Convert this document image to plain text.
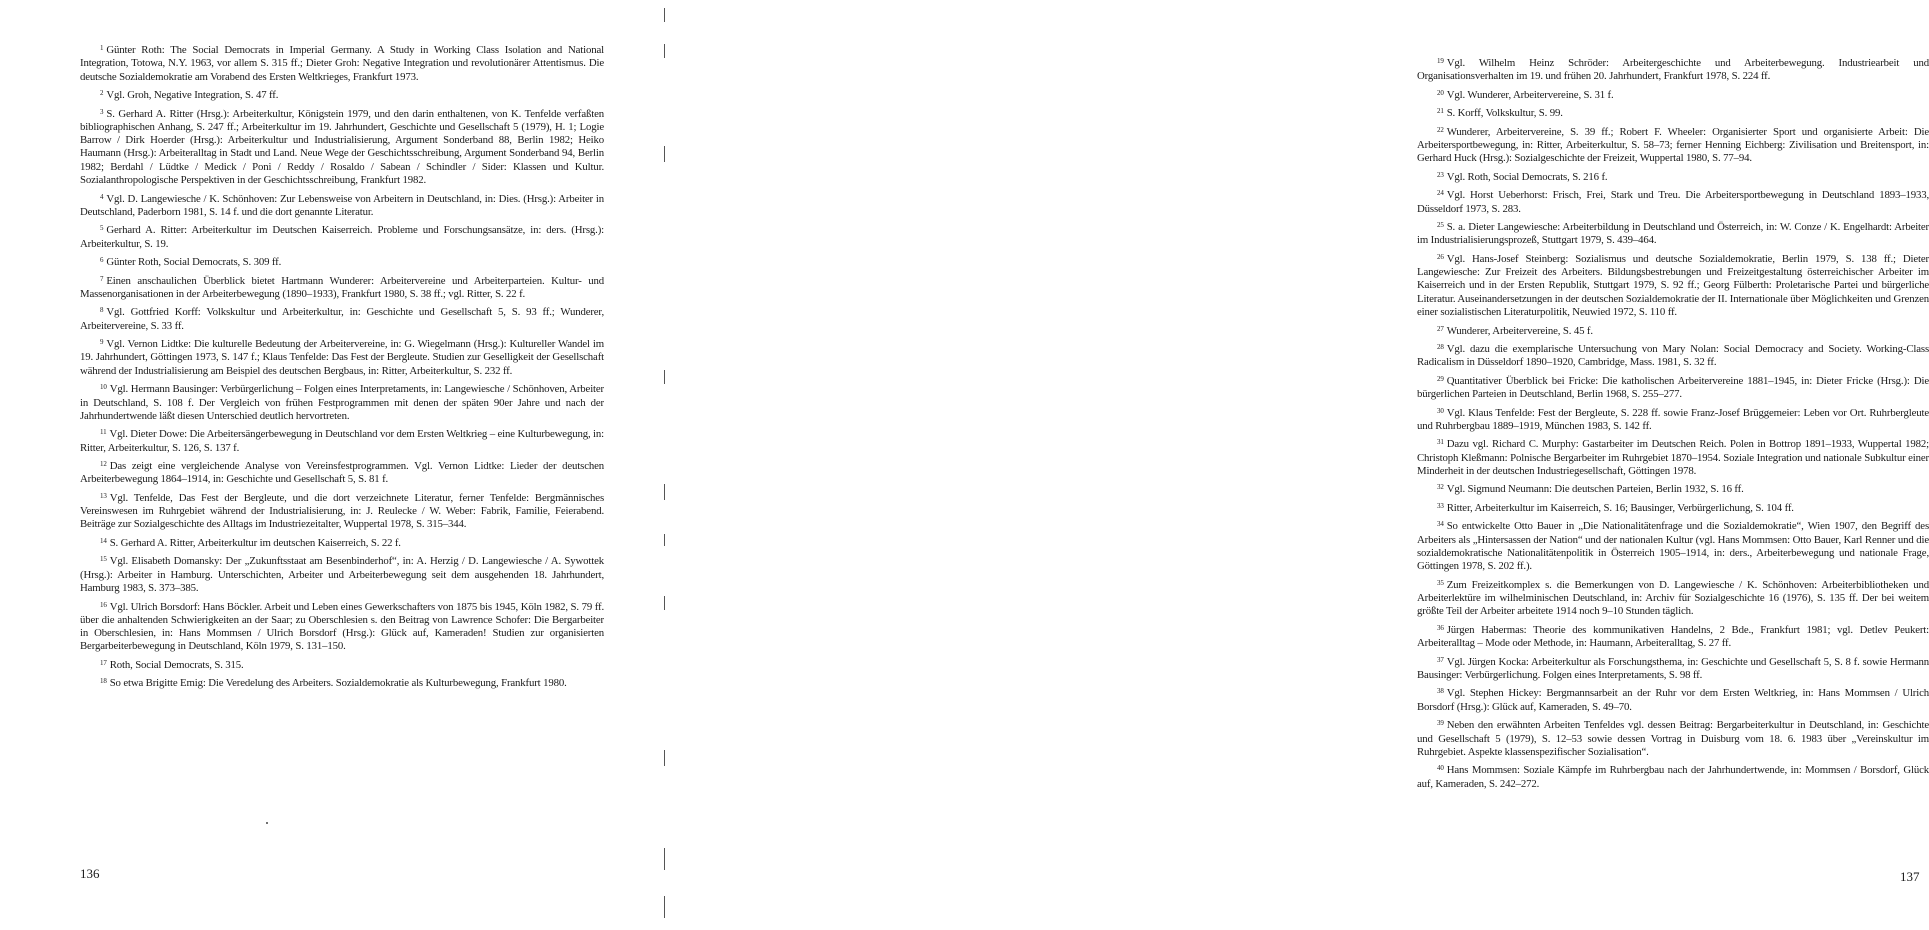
$^1$ Günter Roth: The Social Democrats in Imperial Germany. A Study in Working Class Isolation and National Integration, Totowa, N.Y. 1963, vor allem S. 315 ff.; Dieter Groh: Negative Integration und revolutionärer Attentismus. Die deutsche Sozialdemokratie am Vorabend des Ersten Weltkrieges, Frankfurt 1973.

$^2$ Vgl. Groh, Negative Integration, S. 47 ff.

$^3$ S. Gerhard A. Ritter (Hrsg.): Arbeiterkultur, Königstein 1979, und den darin enthaltenen, von K. Tenfelde verfaßten bibliographischen Anhang, S. 247 ff.; Arbeiterkultur im 19. Jahrhundert, Geschichte und Gesellschaft 5 (1979), H. 1; Logie Barrow / Dirk Hoerder (Hrsg.): Arbeiterkultur und Industrialisierung, Argument Sonderband 88, Berlin 1982; Heiko Haumann (Hrsg.): Arbeiteralltag in Stadt und Land. Neue Wege der Geschichtsschreibung, Argument Sonderband 94, Berlin 1982; Berdahl / Lüdtke / Medick / Poni / Reddy / Rosaldo / Sabean / Schindler / Sider: Klassen und Kultur. Sozialanthropologische Perspektiven in der Geschichtsschreibung, Frankfurt 1982.

$^4$ Vgl. D. Langewiesche / K. Schönhoven: Zur Lebensweise von Arbeitern in Deutschland, in: Dies. (Hrsg.): Arbeiter in Deutschland, Paderborn 1981, S. 14 f. und die dort genannte Literatur.

$^5$ Gerhard A. Ritter: Arbeiterkultur im Deutschen Kaiserreich. Probleme und Forschungsansätze, in: ders. (Hrsg.): Arbeiterkultur, S. 19.

$^6$ Günter Roth, Social Democrats, S. 309 ff.

$^7$ Einen anschaulichen Überblick bietet Hartmann Wunderer: Arbeitervereine und Arbeiterparteien. Kultur- und Massenorganisationen in der Arbeiterbewegung (1890–1933), Frankfurt 1980, S. 38 ff.; vgl. Ritter, S. 22 f.

$^8$ Vgl. Gottfried Korff: Volkskultur und Arbeiterkultur, in: Geschichte und Gesellschaft 5, S. 93 ff.; Wunderer, Arbeitervereine, S. 33 ff.

$^9$ Vgl. Vernon Lidtke: Die kulturelle Bedeutung der Arbeitervereine, in: G. Wiegelmann (Hrsg.): Kultureller Wandel im 19. Jahrhundert, Göttingen 1973, S. 147 f.; Klaus Tenfelde: Das Fest der Bergleute. Studien zur Geselligkeit der Gesellschaft während der Industrialisierung am Beispiel des deutschen Bergbaus, in: Ritter, Arbeiterkultur, S. 232 ff.

$^{10}$ Vgl. Hermann Bausinger: Verbürgerlichung – Folgen eines Interpretaments, in: Langewiesche / Schönhoven, Arbeiter in Deutschland, S. 108 f. Der Vergleich von frühen Festprogrammen mit denen der späten 90er Jahre und nach der Jahrhundertwende läßt diesen Unterschied deutlich hervortreten.

$^{11}$ Vgl. Dieter Dowe: Die Arbeitersängerbewegung in Deutschland vor dem Ersten Weltkrieg – eine Kulturbewegung, in: Ritter, Arbeiterkultur, S. 126, S. 137 f.

$^{12}$ Das zeigt eine vergleichende Analyse von Vereinsfestprogrammen. Vgl. Vernon Lidtke: Lieder der deutschen Arbeiterbewegung 1864–1914, in: Geschichte und Gesellschaft 5, S. 81 f.

$^{13}$ Vgl. Tenfelde, Das Fest der Bergleute, und die dort verzeichnete Literatur, ferner Tenfelde: Bergmännisches Vereinswesen im Ruhrgebiet während der Industrialisierung, in: J. Reulecke / W. Weber: Fabrik, Familie, Feierabend. Beiträge zur Sozialgeschichte des Alltags im Industriezeitalter, Wuppertal 1978, S. 315–344.

$^{14}$ S. Gerhard A. Ritter, Arbeiterkultur im deutschen Kaiserreich, S. 22 f.

$^{15}$ Vgl. Elisabeth Domansky: Der „Zukunftsstaat am Besenbinderhof“, in: A. Herzig / D. Langewiesche / A. Sywottek (Hrsg.): Arbeiter in Hamburg. Unterschichten, Arbeiter und Arbeiterbewegung seit dem ausgehenden 18. Jahrhundert, Hamburg 1983, S. 373–385.

$^{16}$ Vgl. Ulrich Borsdorf: Hans Böckler. Arbeit und Leben eines Gewerkschafters von 1875 bis 1945, Köln 1982, S. 79 ff. über die anhaltenden Schwierigkeiten an der Saar; zu Oberschlesien s. den Beitrag von Lawrence Schofer: Die Bergarbeiter in Oberschlesien, in: Hans Mommsen / Ulrich Borsdorf (Hrsg.): Glück auf, Kameraden! Studien zur organisierten Bergarbeiterbewegung in Deutschland, Köln 1979, S. 131–150.

$^{17}$ Roth, Social Democrats, S. 315.

$^{18}$ So etwa Brigitte Emig: Die Veredelung des Arbeiters. Sozialdemokratie als Kulturbewegung, Frankfurt 1980.

136

$^{19}$ Vgl. Wilhelm Heinz Schröder: Arbeitergeschichte und Arbeiterbewegung. Industriearbeit und Organisationsverhalten im 19. und frühen 20. Jahrhundert, Frankfurt 1978, S. 224 ff.

$^{20}$ Vgl. Wunderer, Arbeitervereine, S. 31 f.

$^{21}$ S. Korff, Volkskultur, S. 99.

$^{22}$ Wunderer, Arbeitervereine, S. 39 ff.; Robert F. Wheeler: Organisierter Sport und organisierte Arbeit: Die Arbeitersportbewegung, in: Ritter, Arbeiterkultur, S. 58–73; ferner Henning Eichberg: Zivilisation und Breitensport, in: Gerhard Huck (Hrsg.): Sozialgeschichte der Freizeit, Wuppertal 1980, S. 77–94.

$^{23}$ Vgl. Roth, Social Democrats, S. 216 f.

$^{24}$ Vgl. Horst Ueberhorst: Frisch, Frei, Stark und Treu. Die Arbeitersportbewegung in Deutschland 1893–1933, Düsseldorf 1973, S. 283.

$^{25}$ S. a. Dieter Langewiesche: Arbeiterbildung in Deutschland und Österreich, in: W. Conze / K. Engelhardt: Arbeiter im Industrialisierungsprozeß, Stuttgart 1979, S. 439–464.

$^{26}$ Vgl. Hans-Josef Steinberg: Sozialismus und deutsche Sozialdemokratie, Berlin 1979, S. 138 ff.; Dieter Langewiesche: Zur Freizeit des Arbeiters. Bildungsbestrebungen und Freizeitgestaltung österreichischer Arbeiter im Kaiserreich und in der Ersten Republik, Stuttgart 1979, S. 92 ff.; Georg Fülberth: Proletarische Partei und bürgerliche Literatur. Auseinandersetzungen in der deutschen Sozialdemokratie der II. Internationale über Möglichkeiten und Grenzen einer sozialistischen Literaturpolitik, Neuwied 1972, S. 110 ff.

$^{27}$ Wunderer, Arbeitervereine, S. 45 f.

$^{28}$ Vgl. dazu die exemplarische Untersuchung von Mary Nolan: Social Democracy and Society. Working-Class Radicalism in Düsseldorf 1890–1920, Cambridge, Mass. 1981, S. 32 ff.

$^{29}$ Quantitativer Überblick bei Fricke: Die katholischen Arbeitervereine 1881–1945, in: Dieter Fricke (Hrsg.): Die bürgerlichen Parteien in Deutschland, Berlin 1968, S. 255–277.

$^{30}$ Vgl. Klaus Tenfelde: Fest der Bergleute, S. 228 ff. sowie Franz-Josef Brüggemeier: Leben vor Ort. Ruhrbergleute und Ruhrbergbau 1889–1919, München 1983, S. 142 ff.

$^{31}$ Dazu vgl. Richard C. Murphy: Gastarbeiter im Deutschen Reich. Polen in Bottrop 1891–1933, Wuppertal 1982; Christoph Kleßmann: Polnische Bergarbeiter im Ruhrgebiet 1870–1954. Soziale Integration und nationale Subkultur einer Minderheit in der deutschen Industriegesellschaft, Göttingen 1978.

$^{32}$ Vgl. Sigmund Neumann: Die deutschen Parteien, Berlin 1932, S. 16 ff.

$^{33}$ Ritter, Arbeiterkultur im Kaiserreich, S. 16; Bausinger, Verbürgerlichung, S. 104 ff.

$^{34}$ So entwickelte Otto Bauer in „Die Nationalitätenfrage und die Sozialdemokratie“, Wien 1907, den Begriff des Arbeiters als „Hintersassen der Nation“ und der nationalen Kultur (vgl. Hans Mommsen: Otto Bauer, Karl Renner und die sozialdemokratische Nationalitätenpolitik in Österreich 1905–1914, in: ders., Arbeiterbewegung und nationale Frage, Göttingen 1978, S. 202 ff.).

$^{35}$ Zum Freizeitkomplex s. die Bemerkungen von D. Langewiesche / K. Schönhoven: Arbeiterbibliotheken und Arbeiterlektüre im wilhelminischen Deutschland, in: Archiv für Sozialgeschichte 16 (1976), S. 135 ff. Der bei weitem größte Teil der Arbeiter arbeitete 1914 noch 9–10 Stunden täglich.

$^{36}$ Jürgen Habermas: Theorie des kommunikativen Handelns, 2 Bde., Frankfurt 1981; vgl. Detlev Peukert: Arbeiteralltag – Mode oder Methode, in: Haumann, Arbeiteralltag, S. 27 ff.

$^{37}$ Vgl. Jürgen Kocka: Arbeiterkultur als Forschungsthema, in: Geschichte und Gesellschaft 5, S. 8 f. sowie Hermann Bausinger: Verbürgerlichung. Folgen eines Interpretaments, S. 98 ff.

$^{38}$ Vgl. Stephen Hickey: Bergmannsarbeit an der Ruhr vor dem Ersten Weltkrieg, in: Hans Mommsen / Ulrich Borsdorf (Hrsg.): Glück auf, Kameraden, S. 49–70.

$^{39}$ Neben den erwähnten Arbeiten Tenfeldes vgl. dessen Beitrag: Bergarbeiterkultur in Deutschland, in: Geschichte und Gesellschaft 5 (1979), S. 12–53 sowie dessen Vortrag in Duisburg vom 18. 6. 1983 über „Vereinskultur im Ruhrgebiet. Aspekte klassenspezifischer Sozialisation“.

$^{40}$ Hans Mommsen: Soziale Kämpfe im Ruhrbergbau nach der Jahrhundertwende, in: Mommsen / Borsdorf, Glück auf, Kameraden, S. 242–272.

137
